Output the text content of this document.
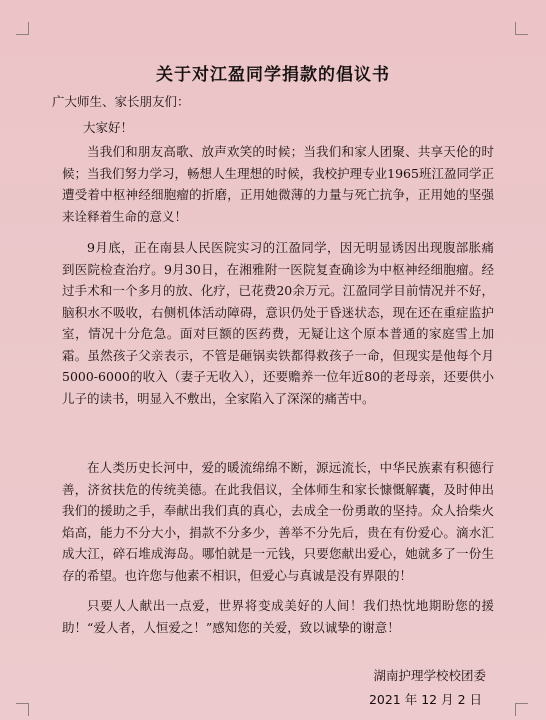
关于对江盈同学捐款的倡议书
广大师生、家长朋友们：
大家好！

当我们和朋友高歌、放声欢笑的时候；当我们和家人团聚、共享天伦的时候；当我们努力学习，畅想人生理想的时候，我校护理专业1965班江盈同学正遭受着中枢神经细胞瘤的折磨，正用她微薄的力量与死亡抗争，正用她的坚强来诠释着生命的意义！

9月底，正在南县人民医院实习的江盈同学，因无明显诱因出现腹部胀痛到医院检查治疗。9月30日，在湘雅附一医院复查确诊为中枢神经细胞瘤。经过手术和一个多月的放、化疗，已花费20余万元。江盈同学目前情况并不好，脑积水不吸收，右侧机体活动障碍，意识仍处于昏迷状态，现在还在重症监护室，情况十分危急。面对巨额的医药费，无疑让这个原本普通的家庭雪上加霜。虽然孩子父亲表示，不管是砸锅卖铁都得救孩子一命，但现实是他每个月5000-6000的收入（妻子无收入），还要赡养一位年近80的老母亲，还要供小儿子的读书，明显入不敷出，全家陷入了深深的痛苦中。

在人类历史长河中，爱的暖流绵绵不断，源远流长，中华民族素有积德行善，济贫扶危的传统美德。在此我倡议，全体师生和家长慷慨解囊，及时伸出我们的援助之手，奉献出我们真的真心，去成全一份勇敢的坚持。众人拾柴火焰高，能力不分大小，捐款不分多少，善举不分先后，贵在有份爱心。滴水汇成大江，碎石堆成海岛。哪怕就是一元钱，只要您献出爱心，她就多了一份生存的希望。也许您与他素不相识，但爱心与真诚是没有界限的！

只要人人献出一点爱，世界将变成美好的人间！我们热忱地期盼您的援助！“爱人者，人恒爱之！”感知您的关爱，致以诚挚的谢意！

湖南护理学校校团委
2021 年 12 月 2 日
